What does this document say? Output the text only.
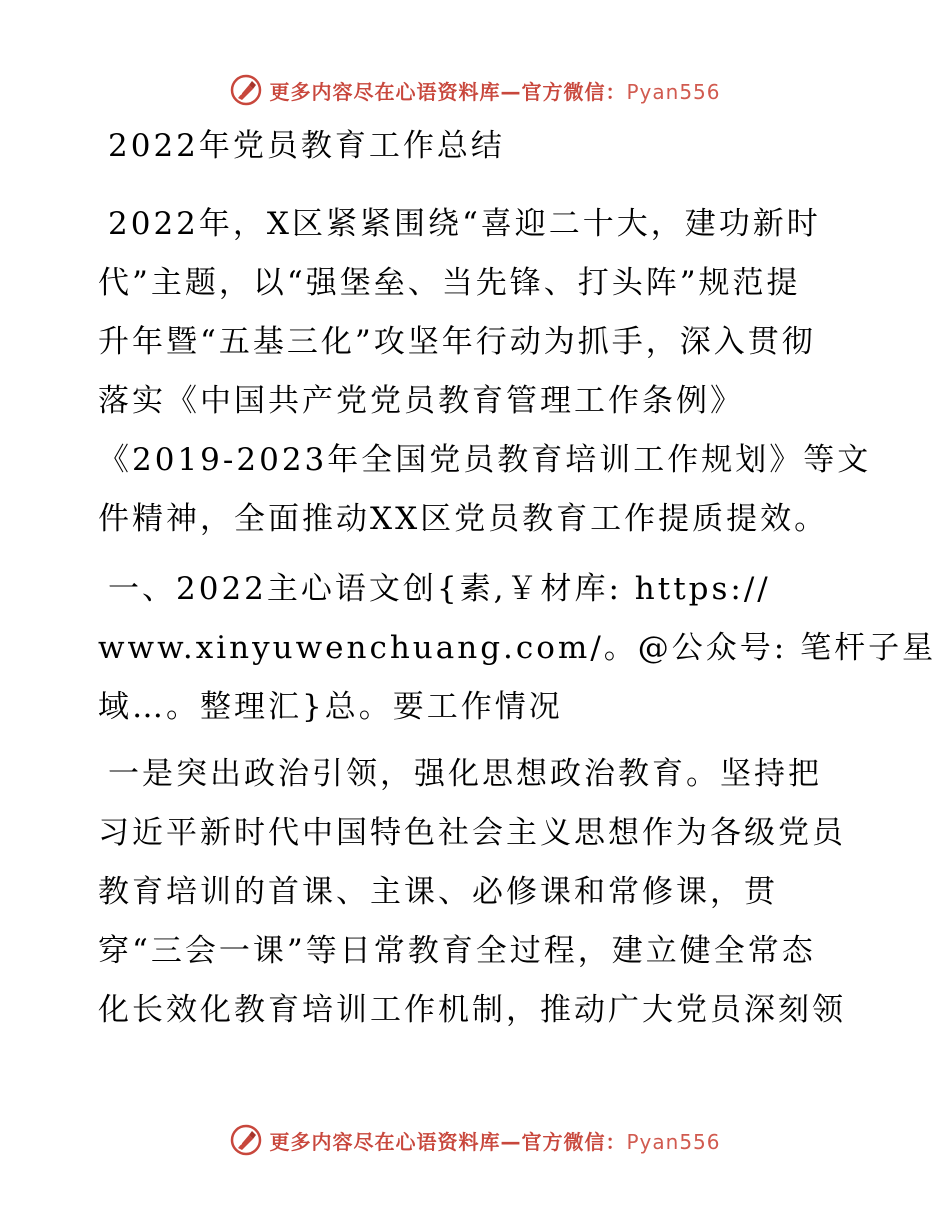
更多内容尽在心语资料库—官方微信：Pyan556
2022年党员教育工作总结
2022年，X区紧紧围绕“喜迎二十大，建功新时
代”主题，以“强堡垒、当先锋、打头阵”规范提
升年暨“五基三化”攻坚年行动为抓手，深入贯彻
落实《中国共产党党员教育管理工作条例》
《2019-2023年全国党员教育培训工作规划》等文
件精神，全面推动XX区党员教育工作提质提效。
一、2022主心语文创{素,￥材库: https://
www.xinyuwenchuang.com/。@公众号: 笔杆子星
域…。整理汇}总。要工作情况
一是突出政治引领，强化思想政治教育。坚持把
习近平新时代中国特色社会主义思想作为各级党员
教育培训的首课、主课、必修课和常修课，贯
穿“三会一课”等日常教育全过程，建立健全常态
化长效化教育培训工作机制，推动广大党员深刻领
更多内容尽在心语资料库—官方微信：Pyan556
